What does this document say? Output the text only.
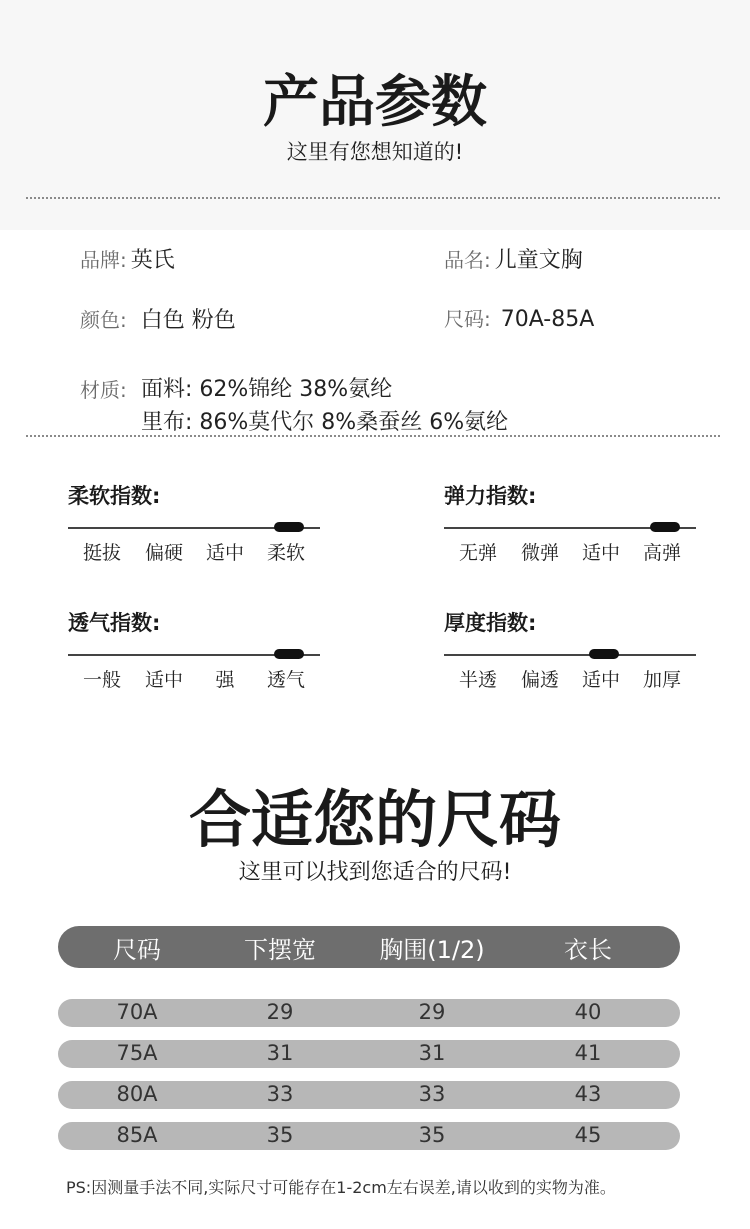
产品参数
这里有您想知道的!
品牌: 英氏	品名: 儿童文胸
颜色: 白色 粉色	尺码: 70A-85A
材质: 面料: 62%锦纶 38%氨纶
里布: 86%莫代尔 8%桑蚕丝 6%氨纶
柔软指数:
挺拔	偏硬	适中	柔软
弹力指数:
无弹	微弹	适中	高弹
透气指数:
一般	适中	强	透气
厚度指数:
半透	偏透	适中	加厚
合适您的尺码
这里可以找到您适合的尺码!
尺码	下摆宽	胸围(1/2)	衣长
70A	29	29	40
75A	31	31	41
80A	33	33	43
85A	35	35	45
PS:因测量手法不同,实际尺寸可能存在1-2cm左右误差,请以收到的实物为准。
